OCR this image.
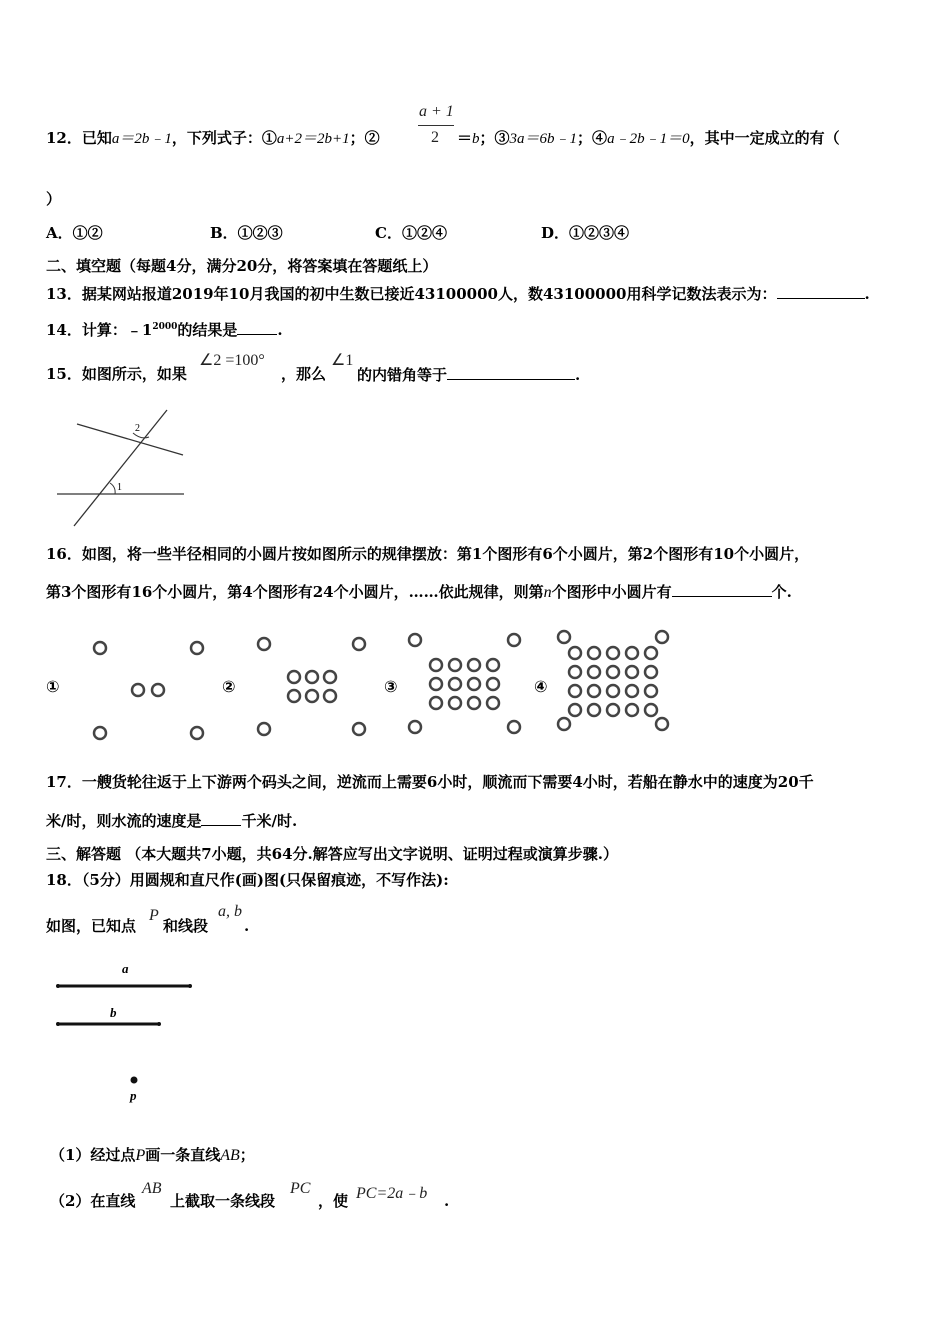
12．已知a＝2b﹣1，下列式子：①a+2＝2b+1；②
a + 1
2 ＝b；③3a＝6b﹣1；④a﹣2b﹣1＝0，其中一定成立的有（
）
A．①②	B．①②③	C．①②④	D．①②③④
二、填空题（每题4分，满分20分，将答案填在答题纸上）
13．据某网站报道2019年10月我国的初中生数已接近43100000人，数43100000用科学记数法表示为：	.
14．计算：$﹣1^{2000}$的结果是	.
15．如图所示，如果
∠2 =100°
，那么
∠1
的内错角等于	.
2
1
16．如图，将一些半径相同的小圆片按如图所示的规律摆放：第1个图形有6个小圆片，第2个图形有10个小圆片，
第3个图形有16个小圆片，第4个图形有24个小圆片，……依此规律，则第n个图形中小圆片有	个.
①	②	③	④
17．一艘货轮往返于上下游两个码头之间，逆流而上需要6小时，顺流而下需要4小时，若船在静水中的速度为20千
米/时，则水流的速度是	千米/时.
三、解答题 （本大题共7小题，共64分.解答应写出文字说明、证明过程或演算步骤.）
18．（5分）用圆规和直尺作(画)图(只保留痕迹，不写作法):
如图，已知点
P
和线段
a, b
.
a
b
p
（1）经过点P画一条直线AB；
（2）在直线
AB
上截取一条线段
PC
，使 PC=2a﹣b .
